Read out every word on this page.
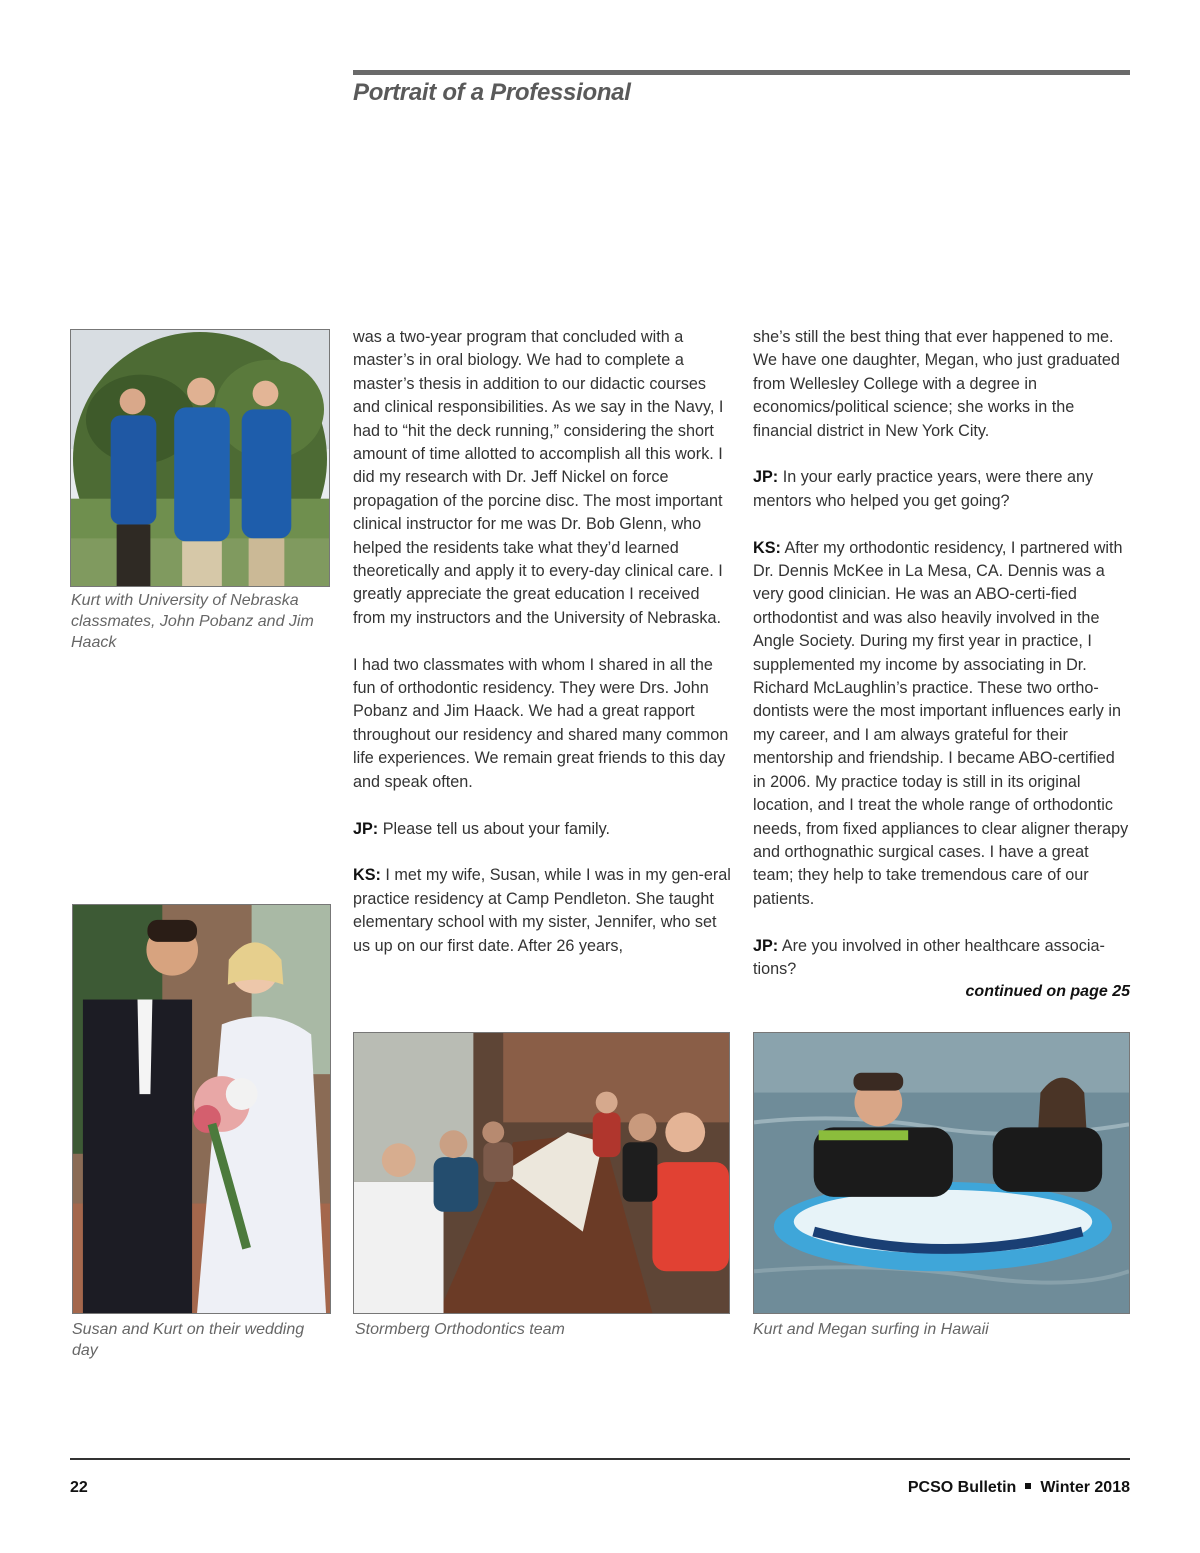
Portrait of a Professional
Kurt with University of Nebraska classmates, John Pobanz and Jim Haack
Susan and Kurt on their wedding day
Stormberg Orthodontics team	Kurt and Megan surfing in Hawaii

was a two-year program that concluded with a master’s in oral biology. We had to complete a master’s thesis in addition to our didactic courses and clinical responsibilities. As we say in the Navy, I had to “hit the deck running,” considering the short amount of time allotted to accomplish all this work. I did my research with Dr. Jeff Nickel on force propagation of the porcine disc. The most important clinical instructor for me was Dr. Bob Glenn, who helped the residents take what they’d learned theoretically and apply it to every-day clinical care. I greatly appreciate the great education I received from my instructors and the University of Nebraska.

I had two classmates with whom I shared in all the fun of orthodontic residency. They were Drs. John Pobanz and Jim Haack. We had a great rapport throughout our residency and shared many common life experiences. We remain great friends to this day and speak often.

JP: Please tell us about your family.

KS: I met my wife, Susan, while I was in my gen-eral practice residency at Camp Pendleton. She taught elementary school with my sister, Jennifer, who set us up on our first date. After 26 years,

she’s still the best thing that ever happened to me. We have one daughter, Megan, who just graduated from Wellesley College with a degree in economics/political science; she works in the financial district in New York City.

JP: In your early practice years, were there any mentors who helped you get going?

KS: After my orthodontic residency, I partnered with Dr. Dennis McKee in La Mesa, CA. Dennis was a very good clinician. He was an ABO-certi-fied orthodontist and was also heavily involved in the Angle Society. During my first year in practice, I supplemented my income by associating in Dr. Richard McLaughlin’s practice. These two ortho-dontists were the most important influences early in my career, and I am always grateful for their mentorship and friendship. I became ABO-certified in 2006. My practice today is still in its original location, and I treat the whole range of orthodontic needs, from fixed appliances to clear aligner therapy and orthognathic surgical cases. I have a great team; they help to take tremendous care of our patients.

JP: Are you involved in other healthcare associa-tions?

continued on page 25
22	PCSO Bulletin Winter 2018
